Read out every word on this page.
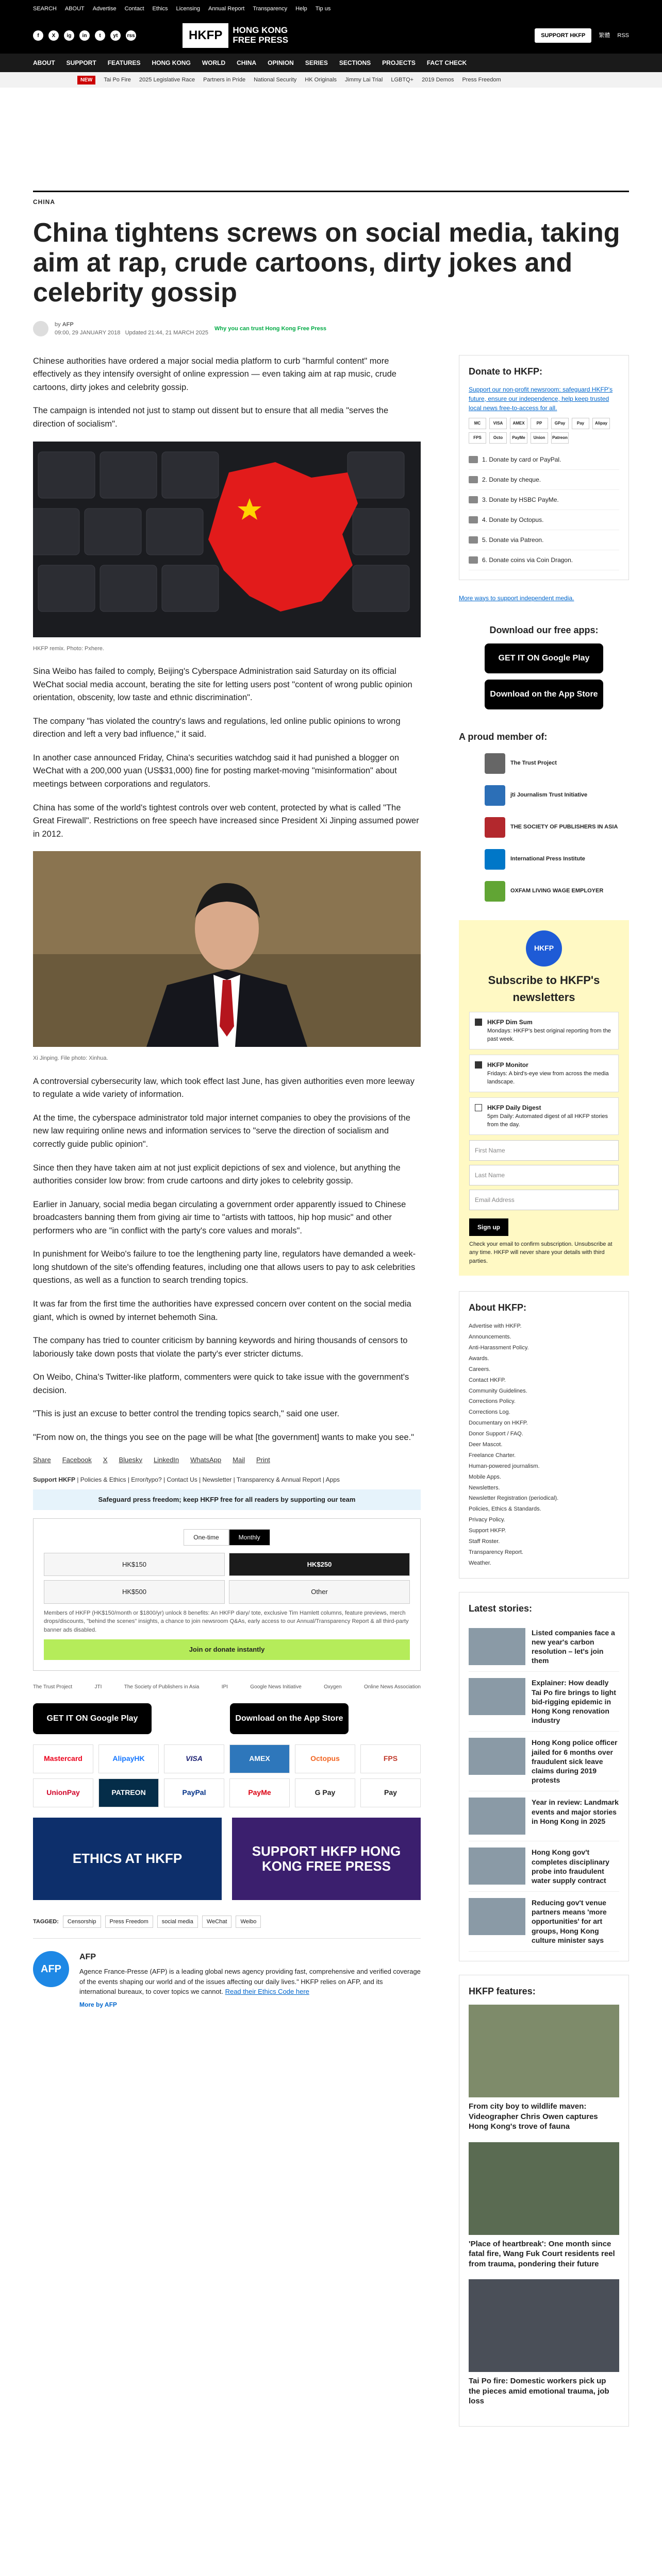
SEARCH ABOUT Advertise Contact Ethics Licensing Annual Report Transparency Help Tip us
f	X	ig	in	t	yt	rss	HKFP	HONG KONG
FREE PRESS	SUPPORT HKFP	繁體 RSS
ABOUT SUPPORT FEATURES HONG KONG WORLD CHINA OPINION SERIES SECTIONS PROJECTS FACT CHECK
NEW	Tai Po Fire 2025 Legislative Race Partners in Pride National Security HK Originals Jimmy Lai Trial LGBTQ+ 2019 Demos Press Freedom
CHINA
China tightens screws on social media, taking aim at rap, crude cartoons, dirty jokes and celebrity gossip
by AFP
09:00, 29 JANUARY 2018 Updated 21:44, 21 MARCH 2025
Why you can trust Hong Kong Free Press

Chinese authorities have ordered a major social media platform to curb "harmful content" more effectively as they intensify oversight of online expression — even taking aim at rap music, crude cartoons, dirty jokes and celebrity gossip.

The campaign is intended not just to stamp out dissent but to ensure that all media "serves the direction of socialism".

HKFP remix. Photo: Pxhere.

Sina Weibo has failed to comply, Beijing's Cyberspace Administration said Saturday on its official WeChat social media account, berating the site for letting users post "content of wrong public opinion orientation, obscenity, low taste and ethnic discrimination".

The company "has violated the country's laws and regulations, led online public opinions to wrong direction and left a very bad influence," it said.

In another case announced Friday, China's securities watchdog said it had punished a blogger on WeChat with a 200,000 yuan (US$31,000) fine for posting market-moving "misinformation" about meetings between corporations and regulators.

China has some of the world's tightest controls over web content, protected by what is called "The Great Firewall". Restrictions on free speech have increased since President Xi Jinping assumed power in 2012.

Xi Jinping. File photo: Xinhua.

A controversial cybersecurity law, which took effect last June, has given authorities even more leeway to regulate a wide variety of information.

At the time, the cyberspace administrator told major internet companies to obey the provisions of the new law requiring online news and information services to "serve the direction of socialism and correctly guide public opinion".

Since then they have taken aim at not just explicit depictions of sex and violence, but anything the authorities consider low brow: from crude cartoons and dirty jokes to celebrity gossip.

Earlier in January, social media began circulating a government order apparently issued to Chinese broadcasters banning them from giving air time to "artists with tattoos, hip hop music" and other performers who are "in conflict with the party's core values and morals".

In punishment for Weibo's failure to toe the lengthening party line, regulators have demanded a week-long shutdown of the site's offending features, including one that allows users to pay to ask celebrities questions, as well as a function to search trending topics.

It was far from the first time the authorities have expressed concern over content on the social media giant, which is owned by internet behemoth Sina.

The company has tried to counter criticism by banning keywords and hiring thousands of censors to laboriously take down posts that violate the party's ever stricter dictums.

On Weibo, China's Twitter-like platform, commenters were quick to take issue with the government's decision.

"This is just an excuse to better control the trending topics search," said one user.

"From now on, the things you see on the page will be what [the government] wants to make you see."

Share Facebook X Bluesky LinkedIn WhatsApp Mail Print
Support HKFP | Policies & Ethics | Error/typo? | Contact Us | Newsletter | Transparency & Annual Report | Apps
Safeguard press freedom; keep HKFP free for all readers by supporting our team
One-time	Monthly
HK$150	HK$250
HK$500	Other
Members of HKFP (HK$150/month or $1800/yr) unlock 8 benefits: An HKFP diary/ tote, exclusive Tim Hamlett columns, feature previews, merch drops/discounts, "behind the scenes" insights, a chance to join newsroom Q&As, early access to our Annual/Transparency Report & all third-party banner ads disabled.
Join or donate instantly
The Trust Project	JTI	The Society of Publishers in Asia	IPI	Google News Initiative	Oxygen	Online News Association
GET IT ON Google Play	Download on the App Store
Mastercard	AlipayHK	VISA	AMEX	Octopus	FPS
UnionPay	PATREON	PayPal	PayMe	G Pay	Pay
ETHICS AT HKFP	SUPPORT HKFP HONG KONG FREE PRESS
TAGGED:	Censorship	Press Freedom	social media	WeChat	Weibo
AFP
AFP
Agence France-Presse (AFP) is a leading global news agency providing fast, comprehensive and verified coverage of the events shaping our world and of the issues affecting our daily lives." HKFP relies on AFP, and its international bureaux, to cover topics we cannot. Read their Ethics Code here
More by AFP
Donate to HKFP:

Support our non-profit newsroom: safeguard HKFP's future, ensure our independence, help keep trusted local news free-to-access for all.

MC	VISA	AMEX	PP	GPay	Pay	Alipay
FPS	Octo	PayMe	Union	Patreon
1. Donate by card or PayPal.
2. Donate by cheque.
3. Donate by HSBC PayMe.
4. Donate by Octopus.
5. Donate via Patreon.
6. Donate coins via Coin Dragon.
More ways to support independent media.
Download our free apps:
GET IT ON Google Play
Download on the App Store
A proud member of:
The Trust Project
jti Journalism Trust Initiative
THE SOCIETY OF PUBLISHERS IN ASIA
International Press Institute
OXFAM LIVING WAGE EMPLOYER
HKFP
Subscribe to HKFP's newsletters
HKFP Dim Sum
Mondays: HKFP's best original reporting from the past week.
HKFP Monitor
Fridays: A bird's-eye view from across the media landscape.
HKFP Daily Digest
5pm Daily: Automated digest of all HKFP stories from the day.
First Name
Last Name
Email Address
Sign up

Check your email to confirm subscription. Unsubscribe at any time. HKFP will never share your details with third parties.

About HKFP:
Advertise with HKFP.
Announcements.
Anti-Harassment Policy.
Awards.
Careers.
Contact HKFP.
Community Guidelines.
Corrections Policy.
Corrections Log.
Documentary on HKFP.
Donor Support / FAQ.
Deer Mascot.
Freelance Charter.
Human-powered journalism.
Mobile Apps.
Newsletters.
Newsletter Registration (periodical).
Policies, Ethics & Standards.
Privacy Policy.
Support HKFP.
Staff Roster.
Transparency Report.
Weather.
Latest stories:
Listed companies face a new year's carbon resolution – let's join them
Explainer: How deadly Tai Po fire brings to light bid-rigging epidemic in Hong Kong renovation industry
Hong Kong police officer jailed for 6 months over fraudulent sick leave claims during 2019 protests
Year in review: Landmark events and major stories in Hong Kong in 2025
Hong Kong gov't completes disciplinary probe into fraudulent water supply contract
Reducing gov't venue partners means 'more opportunities' for art groups, Hong Kong culture minister says
HKFP features:
From city boy to wildlife maven: Videographer Chris Owen captures Hong Kong's trove of fauna
'Place of heartbreak': One month since fatal fire, Wang Fuk Court residents reel from trauma, pondering their future
Tai Po fire: Domestic workers pick up the pieces amid emotional trauma, job loss
